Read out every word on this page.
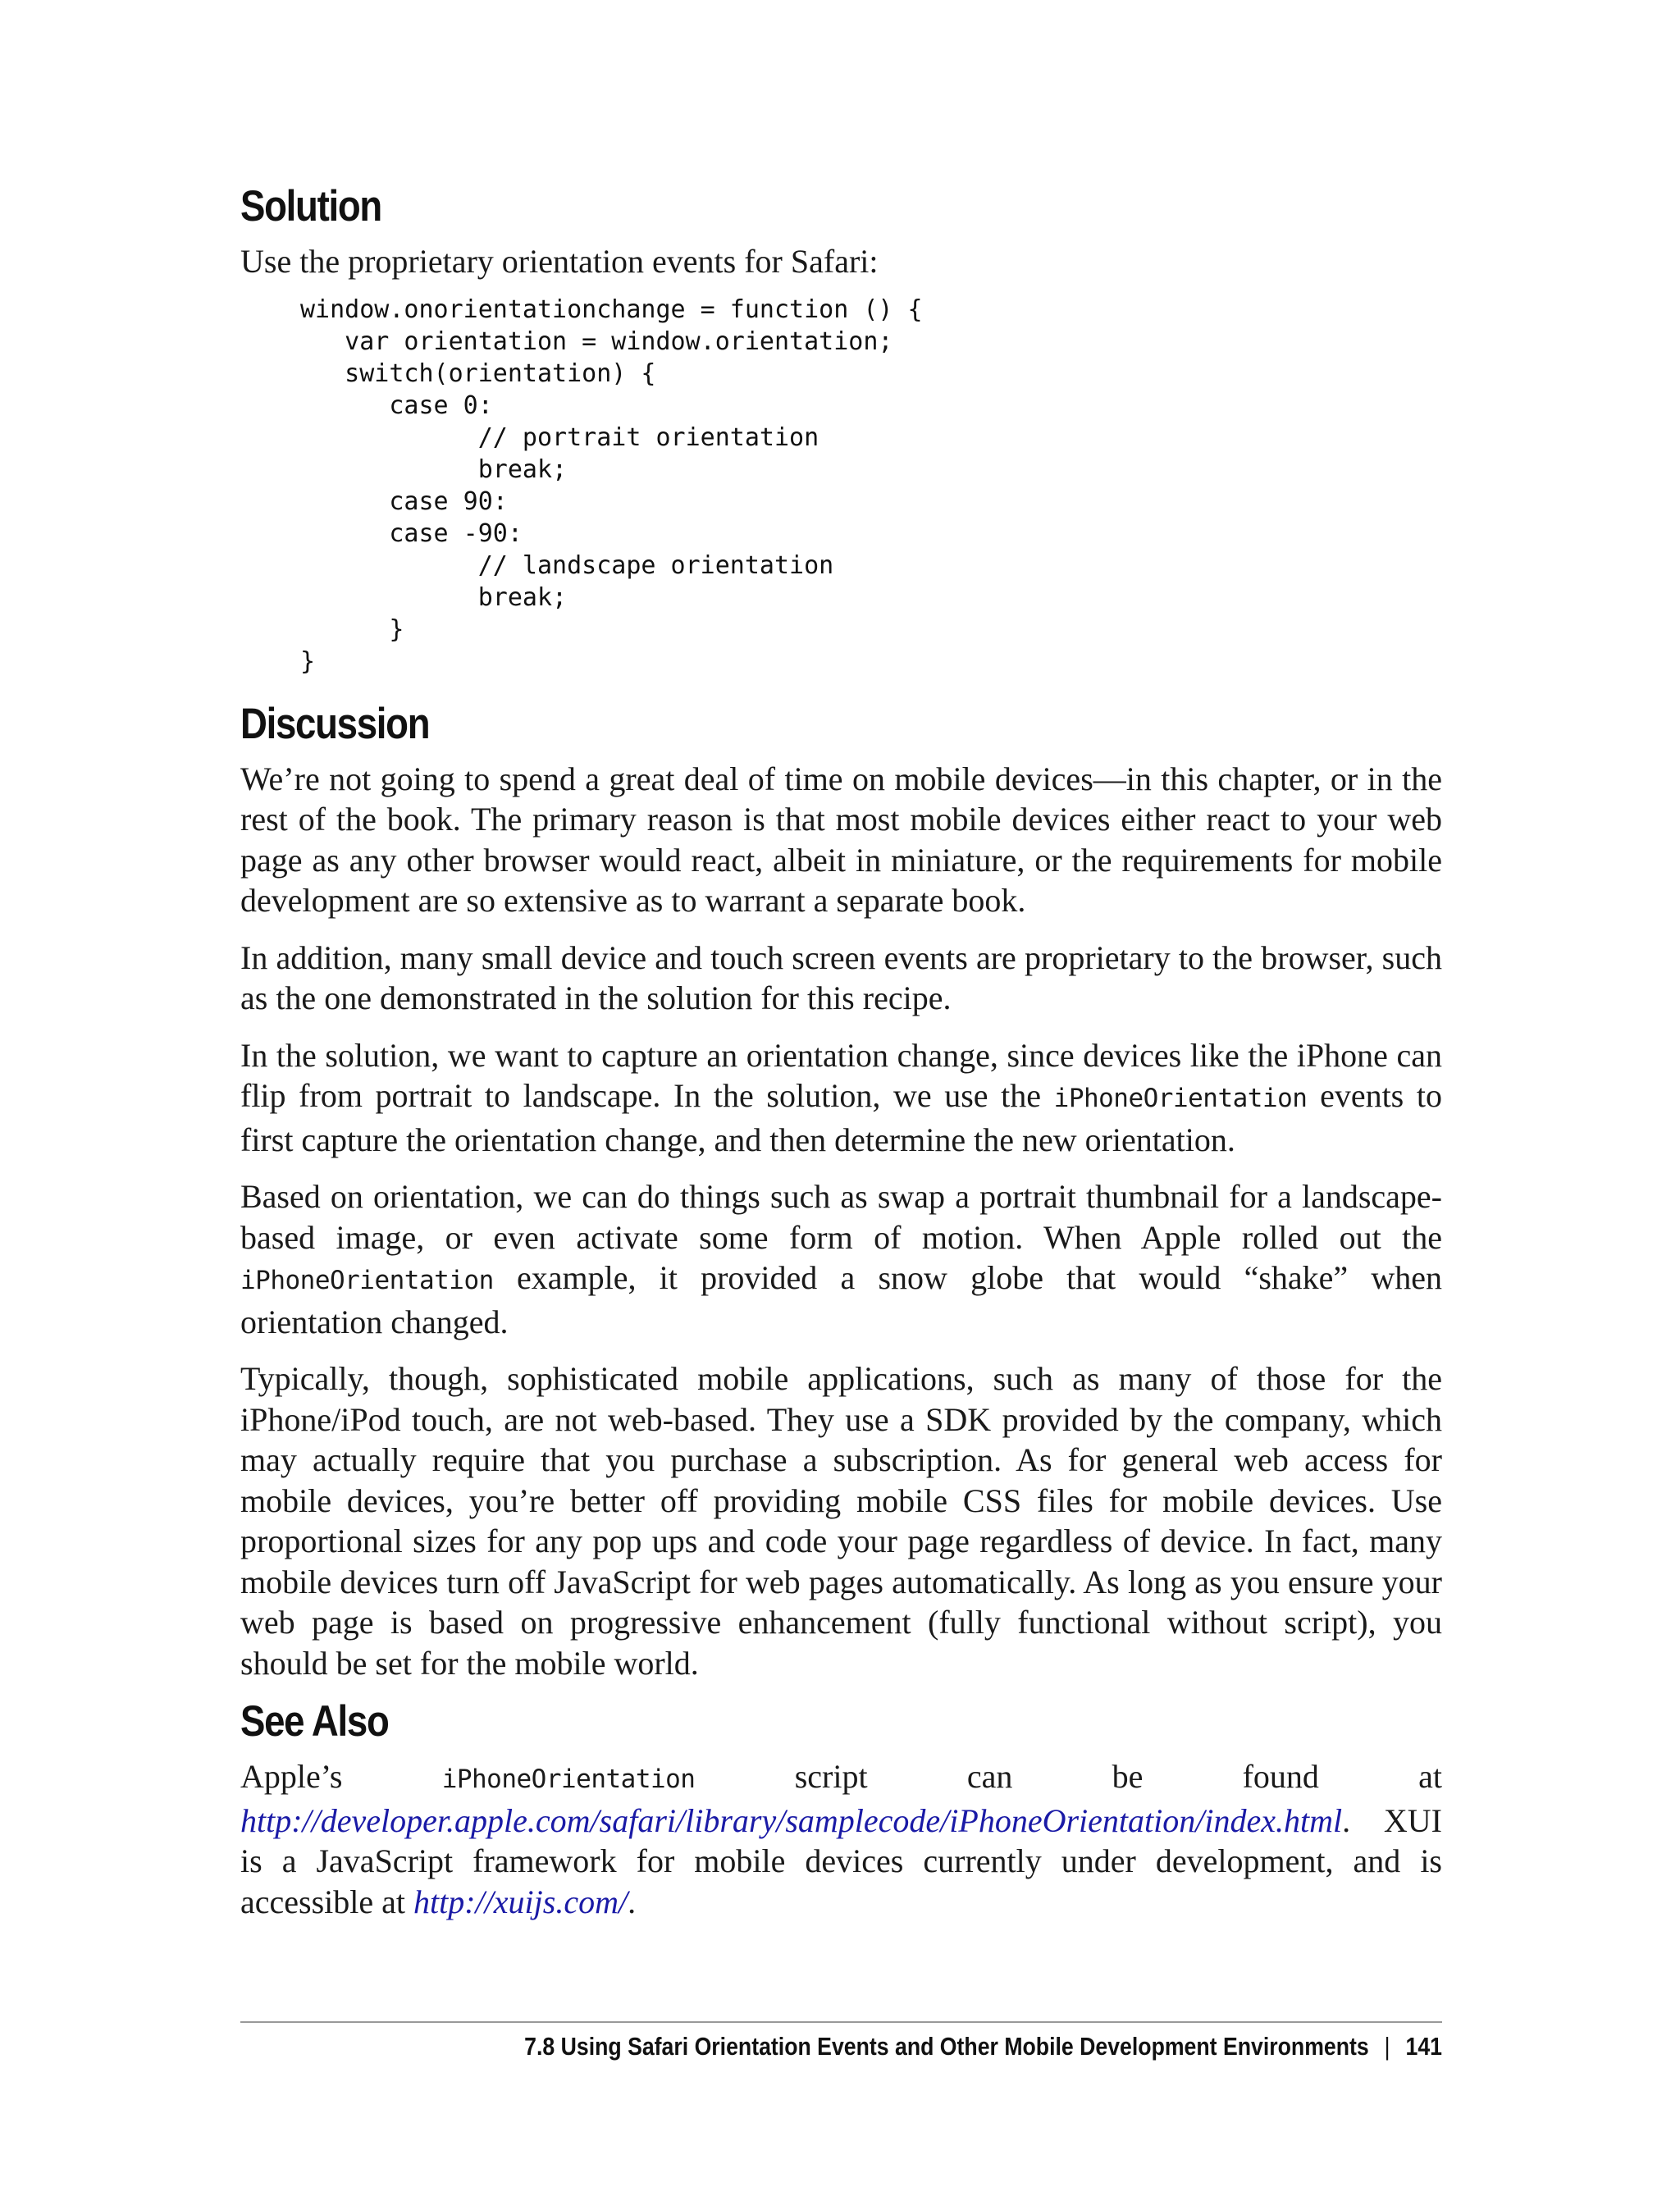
Solution

Use the proprietary orientation events for Safari:

window.onorientationchange = function () {
var orientation = window.orientation;
switch(orientation) {
case 0:
// portrait orientation
break;
case 90:
case -90:
// landscape orientation
break;
}
}
Discussion

We’re not going to spend a great deal of time on mobile devices—in this chapter, or in the rest of the book. The primary reason is that most mobile devices either react to your web page as any other browser would react, albeit in miniature, or the requirements for mobile development are so extensive as to warrant a separate book.

In addition, many small device and touch screen events are proprietary to the browser, such as the one demonstrated in the solution for this recipe.

In the solution, we want to capture an orientation change, since devices like the iPhone can flip from portrait to landscape. In the solution, we use the iPhoneOrientation events to first capture the orientation change, and then determine the new orientation.

Based on orientation, we can do things such as swap a portrait thumbnail for a landscape-based image, or even activate some form of motion. When Apple rolled out the iPhoneOrientation example, it provided a snow globe that would “shake” when orientation changed.

Typically, though, sophisticated mobile applications, such as many of those for the iPhone/iPod touch, are not web-based. They use a SDK provided by the company, which may actually require that you purchase a subscription. As for general web access for mobile devices, you’re better off providing mobile CSS files for mobile devices. Use proportional sizes for any pop ups and code your page regardless of device. In fact, many mobile devices turn off JavaScript for web pages automatically. As long as you ensure your web page is based on progressive enhancement (fully functional without script), you should be set for the mobile world.

See Also

Apple’s iPhoneOrientation script can be found at http://developer.apple.com/safari/library/samplecode/iPhoneOrientation/index.html. XUI is a JavaScript framework for mobile devices currently under development, and is accessible at http://xuijs.com/.

7.8 Using Safari Orientation Events and Other Mobile Development Environments | 141
